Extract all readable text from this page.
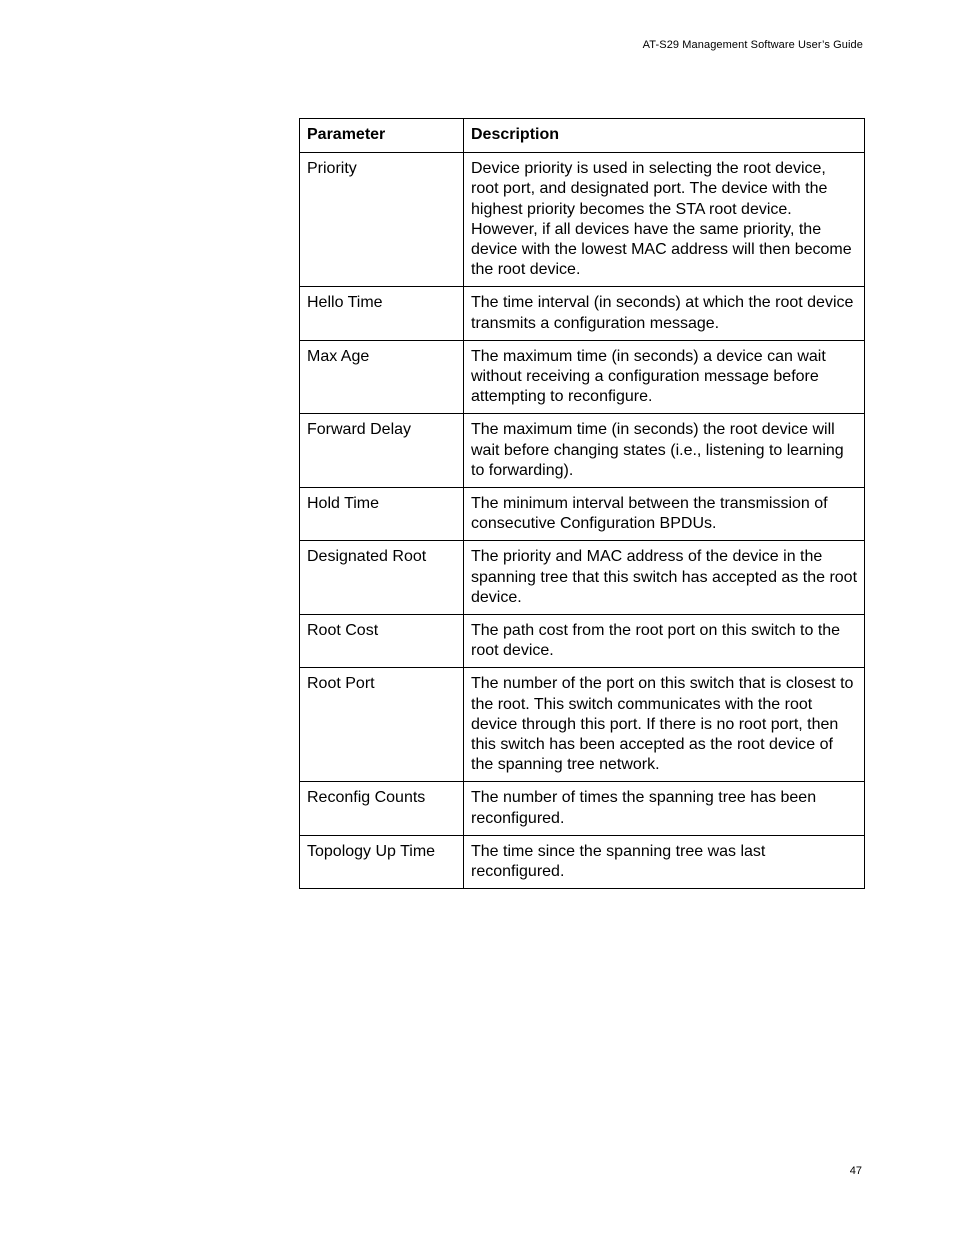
AT-S29 Management Software User’s Guide
Parameter	Description
Priority	Device priority is used in selecting the root device, root port, and designated port. The device with the highest priority becomes the STA root device. However, if all devices have the same priority, the device with the lowest MAC address will then become the root device.
Hello Time	The time interval (in seconds) at which the root device transmits a configuration message.
Max Age	The maximum time (in seconds) a device can wait without receiving a configuration message before attempting to reconfigure.
Forward Delay	The maximum time (in seconds) the root device will wait before changing states (i.e., listening to learning to forwarding).
Hold Time	The minimum interval between the transmission of consecutive Configuration BPDUs.
Designated Root	The priority and MAC address of the device in the spanning tree that this switch has accepted as the root device.
Root Cost	The path cost from the root port on this switch to the root device.
Root Port	The number of the port on this switch that is closest to the root. This switch communicates with the root device through this port. If there is no root port, then this switch has been accepted as the root device of the spanning tree network.
Reconfig Counts	The number of times the spanning tree has been reconfigured.
Topology Up Time	The time since the spanning tree was last reconfigured.
47
